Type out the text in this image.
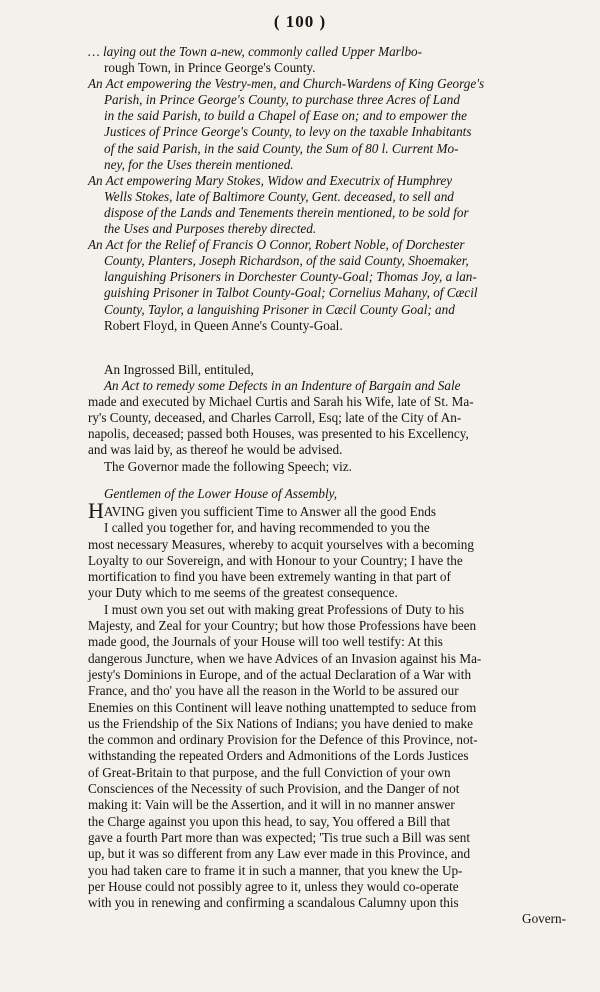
( 100 )
… laying out the Town a-new, commonly called Upper Marlbo-
rough Town, in Prince George's County.
An Act empowering the Vestry-men, and Church-Wardens of King George's
Parish, in Prince George's County, to purchase three Acres of Land
in the said Parish, to build a Chapel of Ease on; and to empower the
Justices of Prince George's County, to levy on the taxable Inhabitants
of the said Parish, in the said County, the Sum of 80 l. Current Mo-
ney, for the Uses therein mentioned.
An Act empowering Mary Stokes, Widow and Executrix of Humphrey
Wells Stokes, late of Baltimore County, Gent. deceased, to sell and
dispose of the Lands and Tenements therein mentioned, to be sold for
the Uses and Purposes thereby directed.
An Act for the Relief of Francis O Connor, Robert Noble, of Dorchester
County, Planters, Joseph Richardson, of the said County, Shoemaker,
languishing Prisoners in Dorchester County-Goal; Thomas Joy, a lan-
guishing Prisoner in Talbot County-Goal; Cornelius Mahany, of Cæcil
County, Taylor, a languishing Prisoner in Cæcil County Goal; and
Robert Floyd, in Queen Anne's County-Goal.
An Ingrossed Bill, entituled,
An Act to remedy some Defects in an Indenture of Bargain and Sale
made and executed by Michael Curtis and Sarah his Wife, late of St. Ma-
ry's County, deceased, and Charles Carroll, Esq; late of the City of An-
napolis, deceased; passed both Houses, was presented to his Excellency,
and was laid by, as thereof he would be advised.
The Governor made the following Speech; viz.
Gentlemen of the Lower House of Assembly,
HAVING given you sufficient Time to Answer all the good Ends
I called you together for, and having recommended to you the
most necessary Measures, whereby to acquit yourselves with a becoming
Loyalty to our Sovereign, and with Honour to your Country; I have the
mortification to find you have been extremely wanting in that part of
your Duty which to me seems of the greatest consequence.
I must own you set out with making great Professions of Duty to his
Majesty, and Zeal for your Country; but how those Professions have been
made good, the Journals of your House will too well testify: At this
dangerous Juncture, when we have Advices of an Invasion against his Ma-
jesty's Dominions in Europe, and of the actual Declaration of a War with
France, and tho' you have all the reason in the World to be assured our
Enemies on this Continent will leave nothing unattempted to seduce from
us the Friendship of the Six Nations of Indians; you have denied to make
the common and ordinary Provision for the Defence of this Province, not-
withstanding the repeated Orders and Admonitions of the Lords Justices
of Great-Britain to that purpose, and the full Conviction of your own
Consciences of the Necessity of such Provision, and the Danger of not
making it: Vain will be the Assertion, and it will in no manner answer
the Charge against you upon this head, to say, You offered a Bill that
gave a fourth Part more than was expected; 'Tis true such a Bill was sent
up, but it was so different from any Law ever made in this Province, and
you had taken care to frame it in such a manner, that you knew the Up-
per House could not possibly agree to it, unless they would co-operate
with you in renewing and confirming a scandalous Calumny upon this
Govern-
